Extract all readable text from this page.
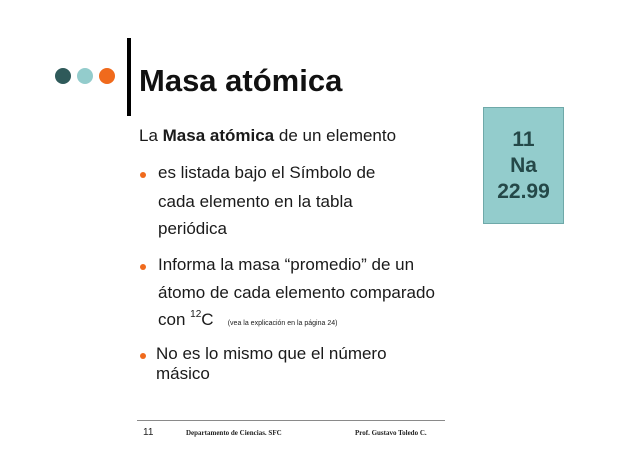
Masa atómica
La Masa atómica de un elemento
es listada bajo el Símbolo de
cada elemento en la tabla
periódica
Informa la masa “promedio” de un
átomo de cada elemento comparado
con $^{12}$C (vea la explicación en la página 24)
No es lo mismo que el número
másico
11
Na
22.99
11	Departamento de Ciencias. SFC	Prof. Gustavo Toledo C.
